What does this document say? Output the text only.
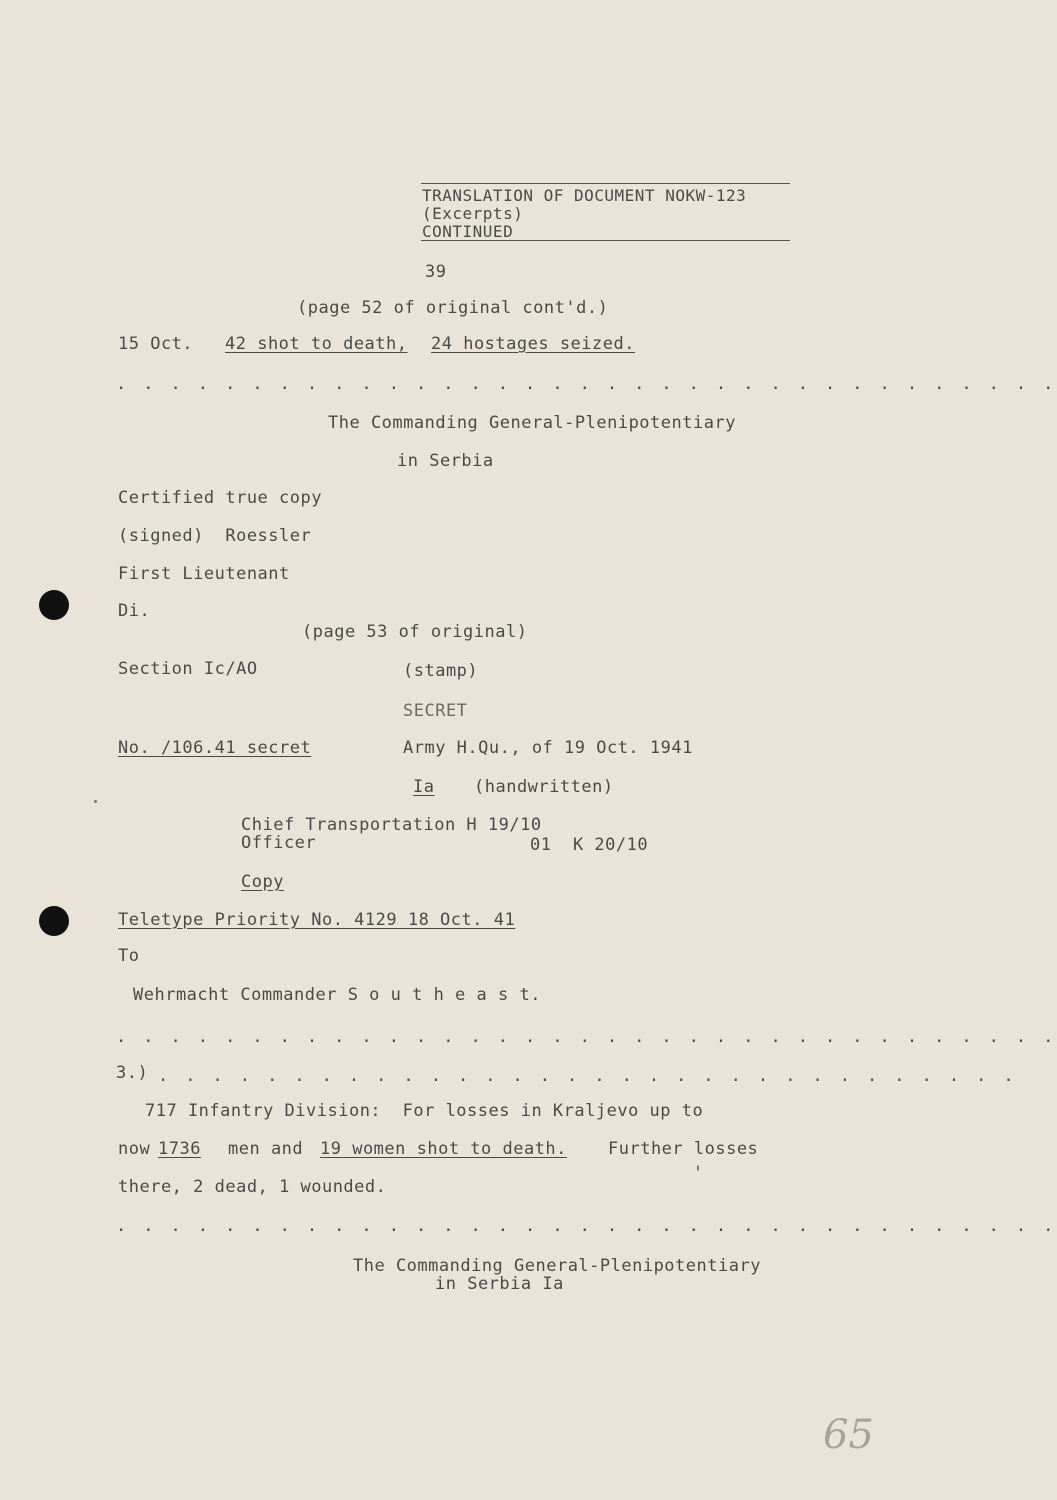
TRANSLATION OF DOCUMENT NOKW-123
(Excerpts)
CONTINUED
39
(page 52 of original cont'd.)
15 Oct. 42 shot to death, 24 hostages seized.
. . . . . . . . . . . . . . . . . . . . . . . . . . . . . . . . . . .
The Commanding General-Plenipotentiary
in Serbia
Certified true copy
(signed)  Roessler
First Lieutenant
Di.
(page 53 of original)
Section Ic/AO	(stamp)
SECRET
No. /106.41 secret	Army H.Qu., of 19 Oct. 1941
Ia (handwritten)
Chief Transportation H 19/10
Officer	01  K 20/10
Copy
Teletype Priority No. 4129 18 Oct. 41
To
Wehrmacht Commander S o u t h e a s t.
. . . . . . . . . . . . . . . . . . . . . . . . . . . . . . . . . . .
3.) . . . . . . . . . . . . . . . . . . . . . . . . . . . . . . . .
717 Infantry Division:  For losses in Kraljevo up to
now 1736 men and 19 women shot to death. Further losses
there, 2 dead, 1 wounded.
. . . . . . . . . . . . . . . . . . . . . . . . . . . . . . . . . . .
The Commanding General-Plenipotentiary
in Serbia Ia
65
